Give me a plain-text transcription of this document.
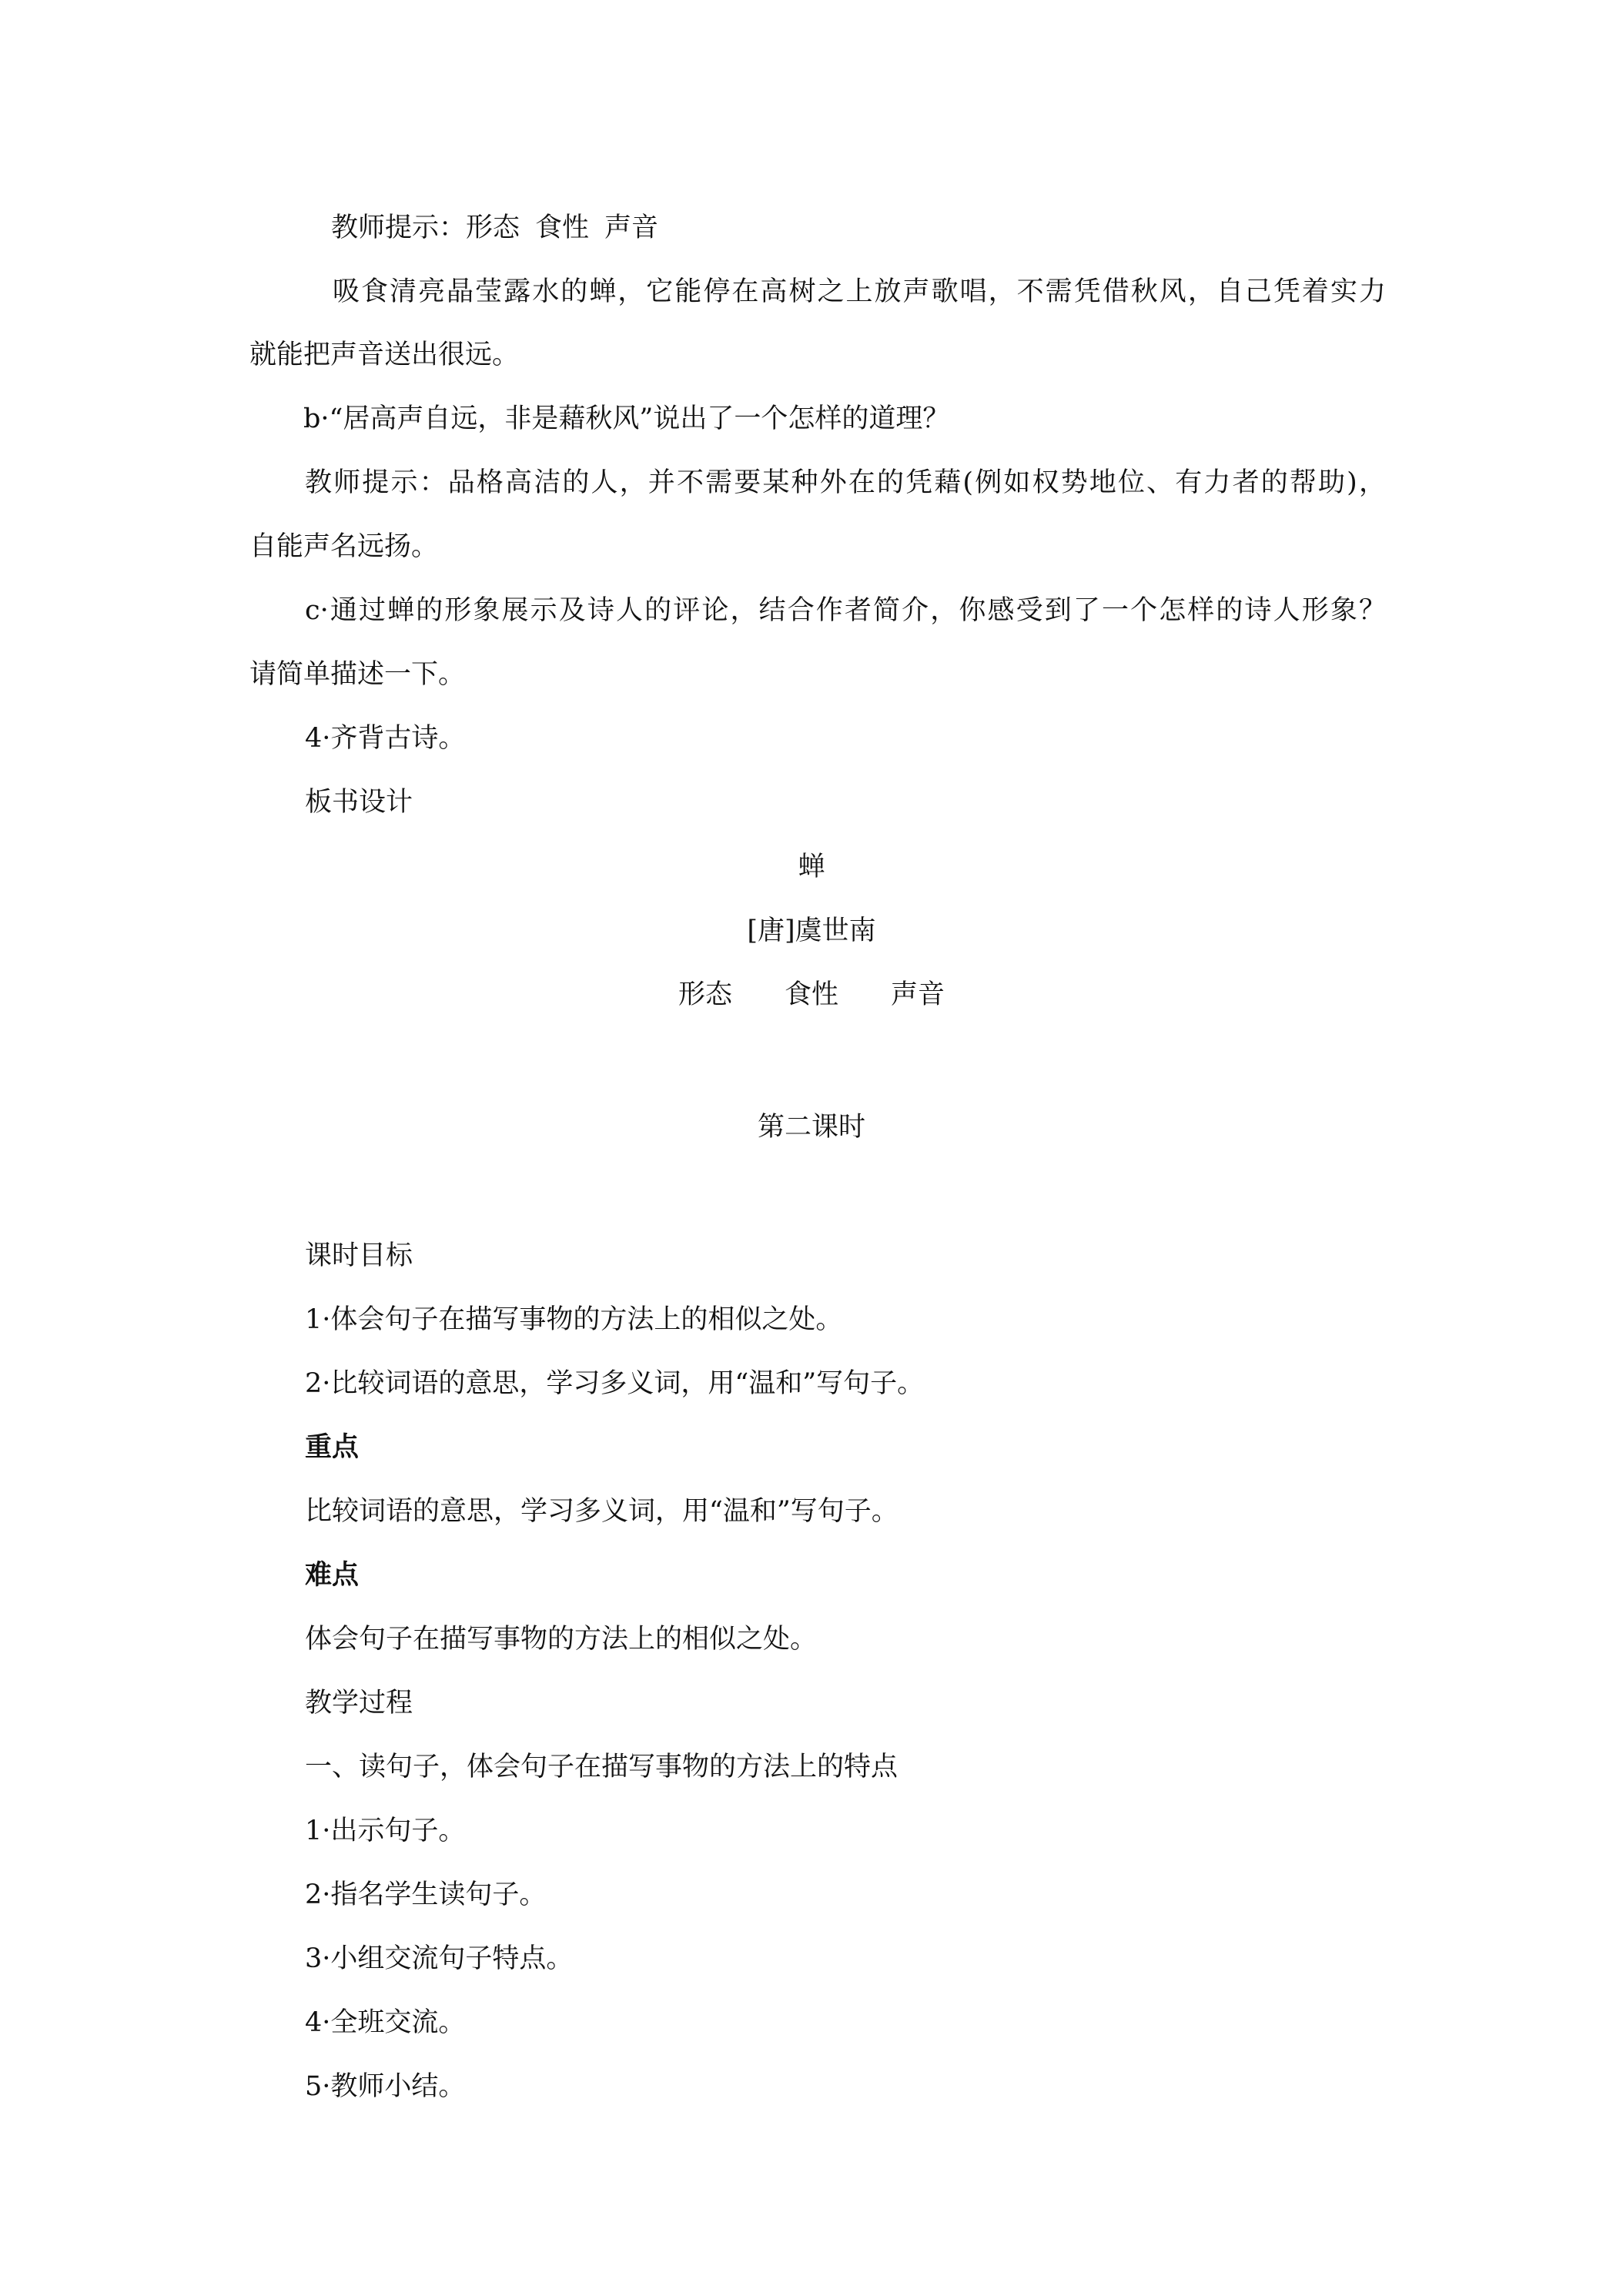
教师提示：形态 食性 声音
吸食清亮晶莹露水的蝉，它能停在高树之上放声歌唱，不需凭借秋风，自己凭着实力
就能把声音送出很远。
b·“居高声自远，非是藉秋风”说出了一个怎样的道理？
教师提示：品格高洁的人，并不需要某种外在的凭藉(例如权势地位、有力者的帮助)，
自能声名远扬。
c·通过蝉的形象展示及诗人的评论，结合作者简介，你感受到了一个怎样的诗人形象？
请简单描述一下。
4·齐背古诗。
板书设计
蝉
[唐]虞世南
形态 食性 声音
第二课时
课时目标
1·体会句子在描写事物的方法上的相似之处。
2·比较词语的意思，学习多义词，用“温和”写句子。
重点
比较词语的意思，学习多义词，用“温和”写句子。
难点
体会句子在描写事物的方法上的相似之处。
教学过程
一、读句子，体会句子在描写事物的方法上的特点
1·出示句子。
2·指名学生读句子。
3·小组交流句子特点。
4·全班交流。
5·教师小结。
